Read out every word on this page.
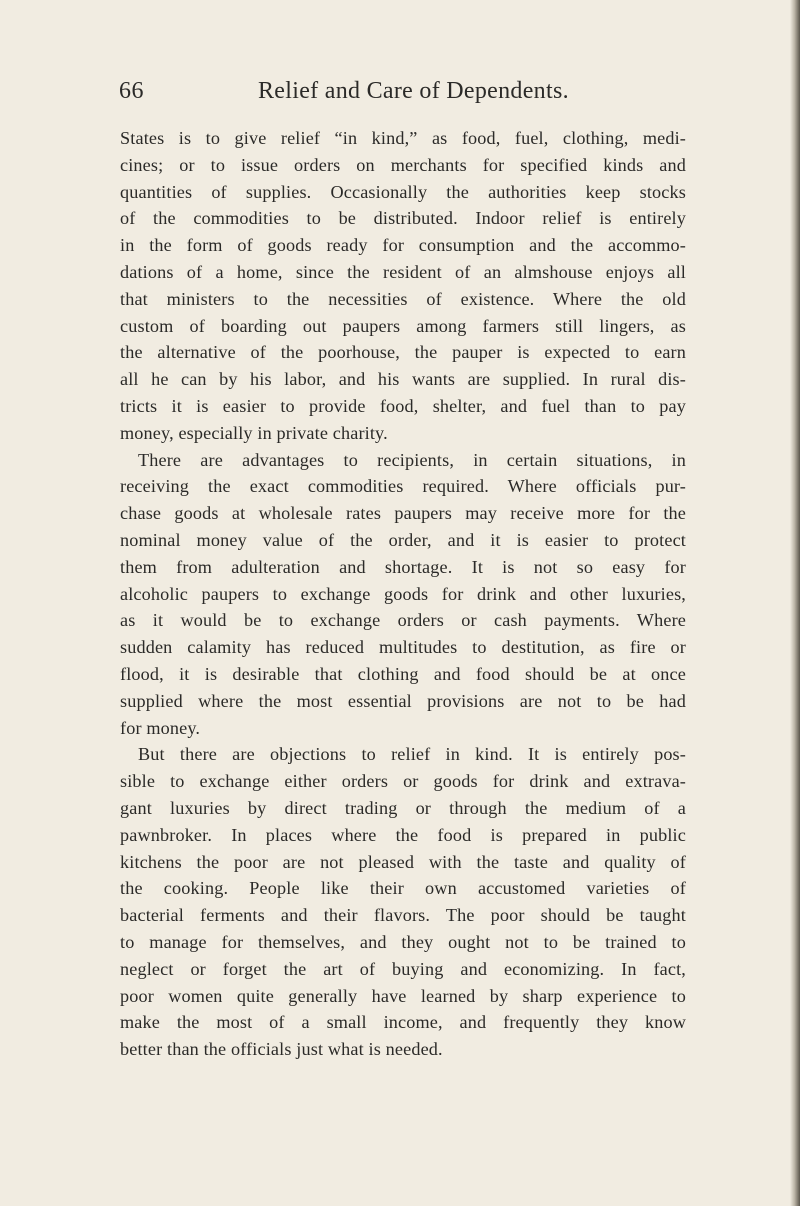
66	Relief and Care of Dependents.
States is to give relief “in kind,” as food, fuel, clothing, medi-
cines; or to issue orders on merchants for specified kinds and
quantities of supplies. Occasionally the authorities keep stocks
of the commodities to be distributed. Indoor relief is entirely
in the form of goods ready for consumption and the accommo-
dations of a home, since the resident of an almshouse enjoys all
that ministers to the necessities of existence. Where the old
custom of boarding out paupers among farmers still lingers, as
the alternative of the poorhouse, the pauper is expected to earn
all he can by his labor, and his wants are supplied. In rural dis-
tricts it is easier to provide food, shelter, and fuel than to pay
money, especially in private charity.
There are advantages to recipients, in certain situations, in
receiving the exact commodities required. Where officials pur-
chase goods at wholesale rates paupers may receive more for the
nominal money value of the order, and it is easier to protect
them from adulteration and shortage. It is not so easy for
alcoholic paupers to exchange goods for drink and other luxuries,
as it would be to exchange orders or cash payments. Where
sudden calamity has reduced multitudes to destitution, as fire or
flood, it is desirable that clothing and food should be at once
supplied where the most essential provisions are not to be had
for money.
But there are objections to relief in kind. It is entirely pos-
sible to exchange either orders or goods for drink and extrava-
gant luxuries by direct trading or through the medium of a
pawnbroker. In places where the food is prepared in public
kitchens the poor are not pleased with the taste and quality of
the cooking. People like their own accustomed varieties of
bacterial ferments and their flavors. The poor should be taught
to manage for themselves, and they ought not to be trained to
neglect or forget the art of buying and economizing. In fact,
poor women quite generally have learned by sharp experience to
make the most of a small income, and frequently they know
better than the officials just what is needed.
